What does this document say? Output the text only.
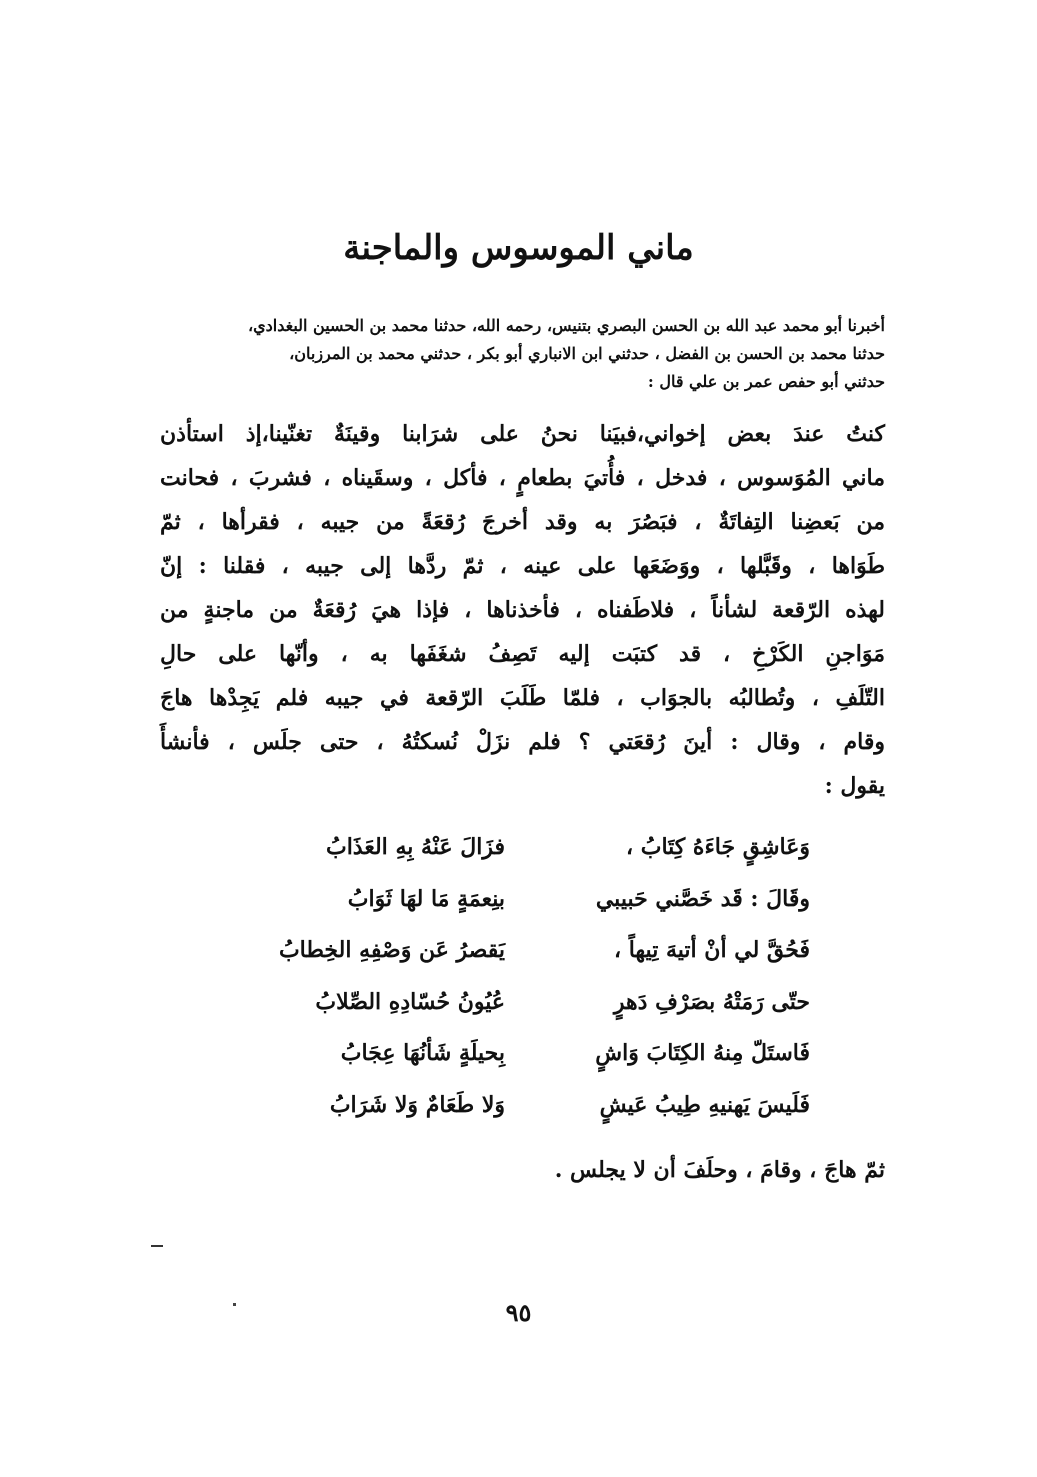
ماني الموسوس والماجنة
أخبرنا أبو محمد عبد الله بن الحسن البصري بتنيس، رحمه الله، حدثنا محمد بن الحسين البغدادي،
حدثنا محمد بن الحسن بن الفضل ، حدثني ابن الانباري أبو بكر ، حدثني محمد بن المرزبان،
حدثني أبو حفص عمر بن علي قال :
كنتُ عندَ بعض إخواني،فبيَنا نحنُ على شرَابنا وقينَةٌ تغنّينا،إذ استأذن
ماني المُوَسوس ، فدخل ، فأُتيَ بطعامٍ ، فأكل ، وسقَيناه ، فشربَ ، فحانت
من بَعضِنا التِفاتَةٌ ، فبَصُرَ به وقد أخرجَ رُقعَةً من جيبه ، فقرأها ، ثمّ
طَوَاها ، وقَبَّلها ، ووَضَعَها على عينه ، ثمّ ردَّها إلى جيبه ، فقلنا : إنّ
لهذه الرّقعة لشأناً ، فلاطَفناه ، فأخذناها ، فإذا هيَ رُقعَةٌ من ماجنةٍ من
مَوَاجنِ الكَرْخِ ، قد كتبَت إليه تَصِفُ شغَفَها به ، وأنّها على حالِ
التّلَفِ ، وتُطالبُه بالجوَاب ، فلمّا طَلَبَ الرّقعة في جيبه فلم يَجِدْها هاجَ
وقام ، وقال : أينَ رُقعَتي ؟ فلم نزَلْ نُسكتُهُ ، حتى جلَس ، فأنشأَ
يقول :
وَعَاشِقٍ جَاءَهُ كِتَابُ ،
فزَالَ عَنْهُ بِهِ العَذَابُ
وقَالَ : قَد خَصَّني حَبيبي
بنِعمَةٍ مَا لهَا ثَوَابُ
فَحُقَّ لي أنْ أتيهَ تِيهاً ،
يَقصرُ عَن وَصْفِهِ الخِطابُ
حتّى رَمَتْهُ بصَرْفِ دَهرٍ
عُيُونُ حُسّادِهِ الصِّلابُ
فَاستَلّ مِنهُ الكِتَابَ وَاشٍ
بِحيلَةٍ شَأنُهَا عِجَابُ
فَلَيسَ يَهنيهِ طِيبُ عَيشٍ
وَلا طَعَامٌ وَلا شَرَابُ
ثمّ هاجَ ، وقامَ ، وحلَفَ أن لا يجلس .
٩٥
